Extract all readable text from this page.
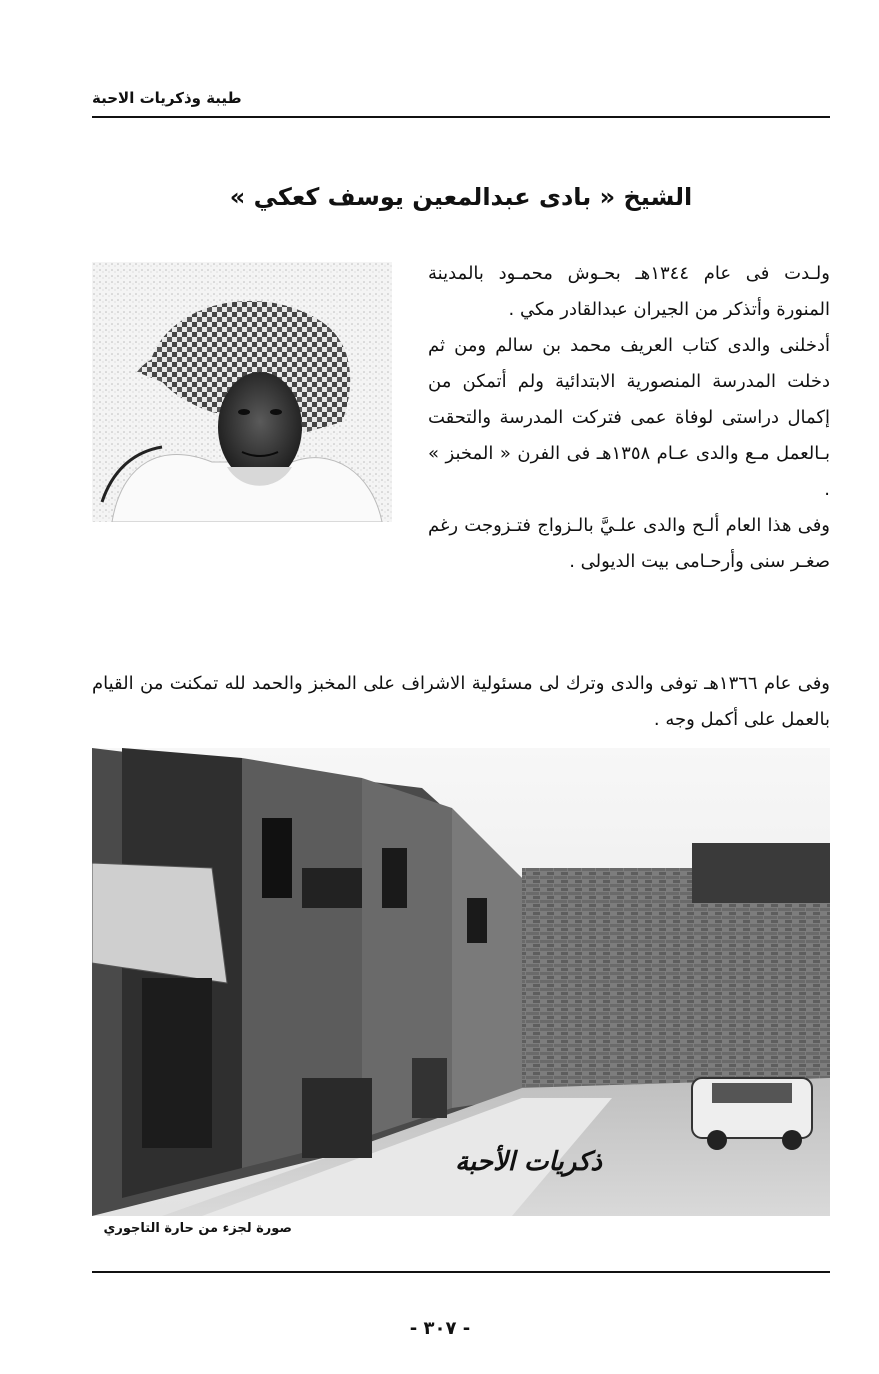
طيبة وذكريات الاحبة
الشيخ « بادى عبدالمعين يوسف كعكي »

ولـدت فى عام ١٣٤٤هـ بحـوش محمـود بالمدينة المنورة وأتذكر من الجيران عبدالقادر مكي .

أدخلنى والدى كتاب العريف محمد بن سالم ومن ثم دخلت المدرسة المنصورية الابتدائية ولم أتمكن من إكمال دراستى لوفاة عمى فتركت المدرسة والتحقت بـالعمل مـع والدى عـام ١٣٥٨هـ فى الفرن « المخبز » .

وفى هذا العام ألـح والدى علـيَّ بالـزواج فتـزوجت رغم صغـر سنى وأرحـامى بيت الديولى .

وفى عام ١٣٦٦هـ توفى والدى وترك لى مسئولية الاشراف على المخبز والحمد لله تمكنت من القيام بالعمل على أكمل وجه .

ذكريات الأحبة
صورة لجزء من حارة التاجوري
- ٣٠٧ -
